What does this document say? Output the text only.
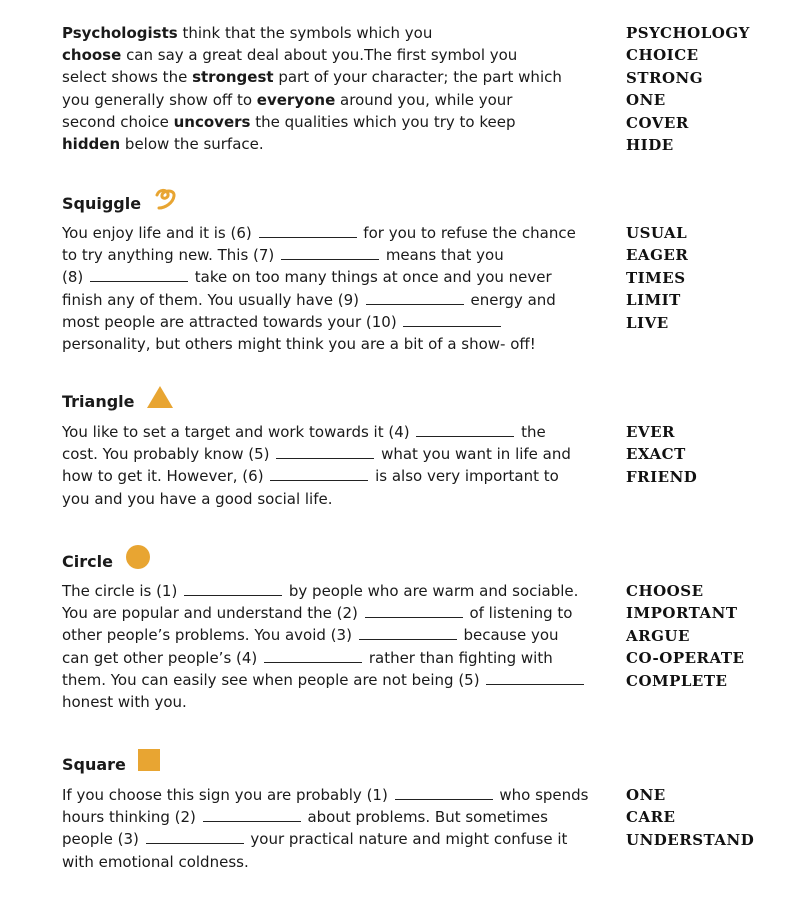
Psychologists think that the symbols which you
choose can say a great deal about you.The first symbol you
select shows the strongest part of your character; the part which
you generally show off to everyone around you, while your
second choice uncovers the qualities which you try to keep
hidden below the surface.
PSYCHOLOGY
CHOICE
STRONG
ONE
COVER
HIDE
Squiggle
You enjoy life and it is (6)	for you to refuse the chance
to try anything new. This (7)	means that you
(8)	take on too many things at once and you never
finish any of them. You usually have (9)	energy and
most people are attracted towards your (10)
personality, but others might think you are a bit of a show- off!
USUAL
EAGER
TIMES
LIMIT
LIVE
Triangle
You like to set a target and work towards it (4)	the
cost. You probably know (5)	what you want in life and
how to get it. However, (6)	is also very important to
you and you have a good social life.
EVER
EXACT
FRIEND
Circle
The circle is (1)	by people who are warm and sociable.
You are popular and understand the (2)	of listening to
other people’s problems. You avoid (3)	because you
can get other people’s (4)	rather than fighting with
them. You can easily see when people are not being (5)
honest with you.
CHOOSE
IMPORTANT
ARGUE
CO-OPERATE
COMPLETE
Square
If you choose this sign you are probably (1)	who spends
hours thinking (2)	about problems. But sometimes
people (3)	your practical nature and might confuse it
with emotional coldness.
ONE
CARE
UNDERSTAND
